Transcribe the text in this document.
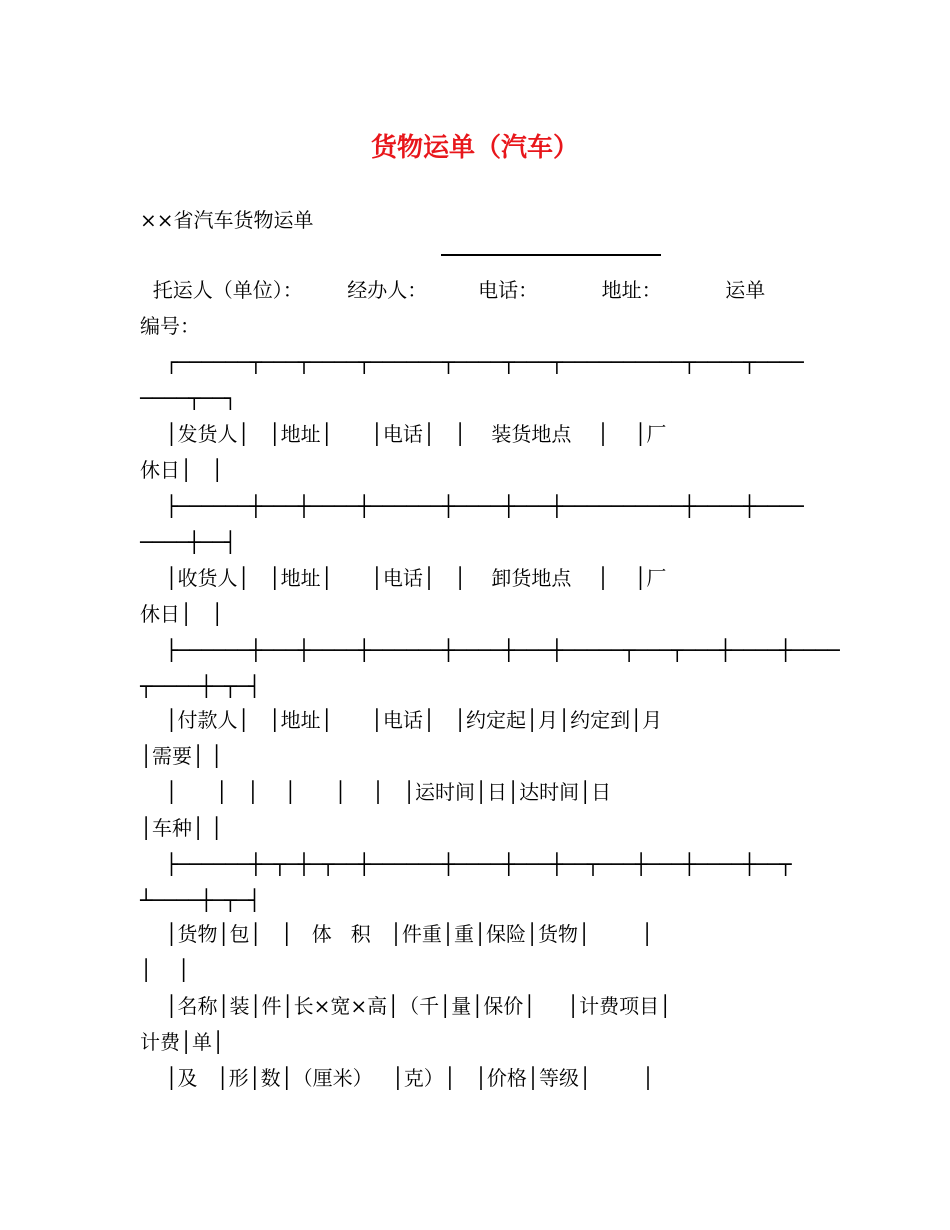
货物运单（汽车）
××省汽车货物运单
托运人（单位）：       经办人：        电话：          地址：          运单
编号：
┌──────┬───┬────┬──────┬────┬───┬──────────┬────┬────
────┬──┐
│发货人│   │地址│      │电话│   │    装货地点    │    │厂
休日│   │
├──────┼───┼────┼──────┼────┼───┼──────────┼────┼────
────┼──┤
│收货人│   │地址│      │电话│   │    卸货地点    │    │厂
休日│   │
├──────┼───┼────┼──────┼────┼───┼─────┬───┬───┼────┼────
┬────┼─┬─┤
│付款人│   │地址│      │电话│   │约定起│月│约定到│月
│需要│ │
│      │   │    │      │    │   │运时间│日│达时间│日
│车种│ │
├──────┼─┬─┼─┬──┼──────┼────┼───┼──┬───┼───┼────┼──┬
┴────┼─┬─┤
│货物│包│   │   体   积   │件重│重│保险│货物│        │
│    │
│名称│装│件│长×宽×高│（千│量│保价│     │计费项目│
计费│单│
│及   │形│数│（厘米）   │克）│   │价格│等级│        │
